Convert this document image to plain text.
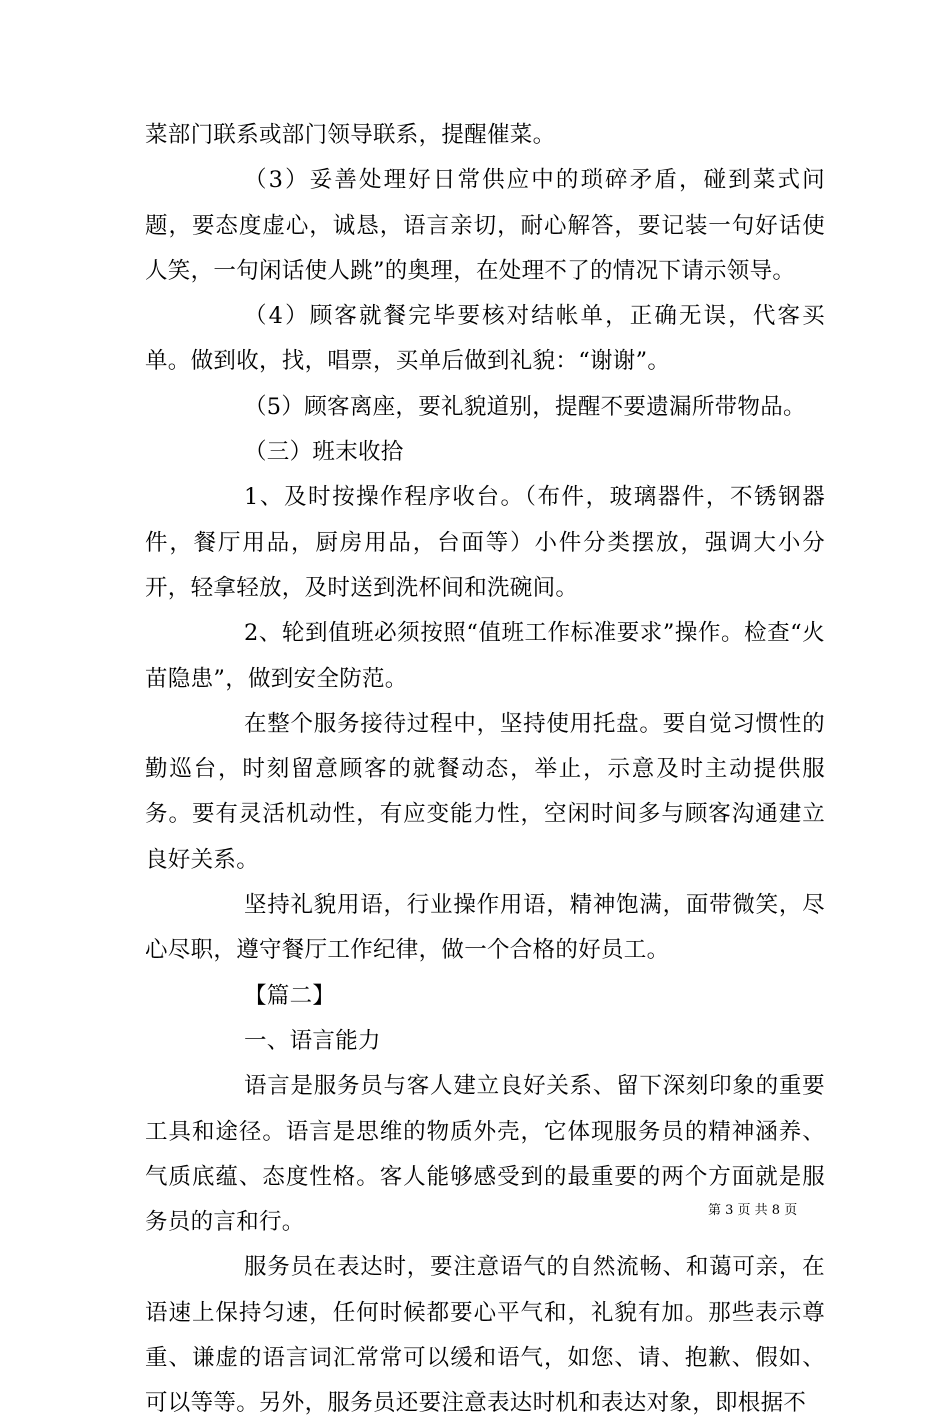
菜部门联系或部门领导联系，提醒催菜。

（3）妥善处理好日常供应中的琐碎矛盾，碰到菜式问题，要态度虚心，诚恳，语言亲切，耐心解答，要记装一句好话使人笑，一句闲话使人跳”的奥理，在处理不了的情况下请示领导。

（4）顾客就餐完毕要核对结帐单，正确无误，代客买单。做到收，找，唱票，买单后做到礼貌：“谢谢”。

（5）顾客离座，要礼貌道别，提醒不要遗漏所带物品。

（三）班末收拾

1、及时按操作程序收台。（布件，玻璃器件，不锈钢器件，餐厅用品，厨房用品，台面等）小件分类摆放，强调大小分开，轻拿轻放，及时送到洗杯间和洗碗间。

2、轮到值班必须按照“值班工作标准要求”操作。检查“火苗隐患”，做到安全防范。

在整个服务接待过程中，坚持使用托盘。要自觉习惯性的勤巡台，时刻留意顾客的就餐动态，举止，示意及时主动提供服务。要有灵活机动性，有应变能力性，空闲时间多与顾客沟通建立良好关系。

坚持礼貌用语，行业操作用语，精神饱满，面带微笑，尽心尽职，遵守餐厅工作纪律，做一个合格的好员工。

【篇二】

一、语言能力

语言是服务员与客人建立良好关系、留下深刻印象的重要工具和途径。语言是思维的物质外壳，它体现服务员的精神涵养、气质底蕴、态度性格。客人能够感受到的最重要的两个方面就是服务员的言和行。

服务员在表达时，要注意语气的自然流畅、和蔼可亲，在语速上保持匀速，任何时候都要心平气和，礼貌有加。那些表示尊重、谦虚的语言词汇常常可以缓和语气，如您、请、抱歉、假如、可以等等。另外，服务员还要注意表达时机和表达对象，即根据不

第 3 页 共 8 页
